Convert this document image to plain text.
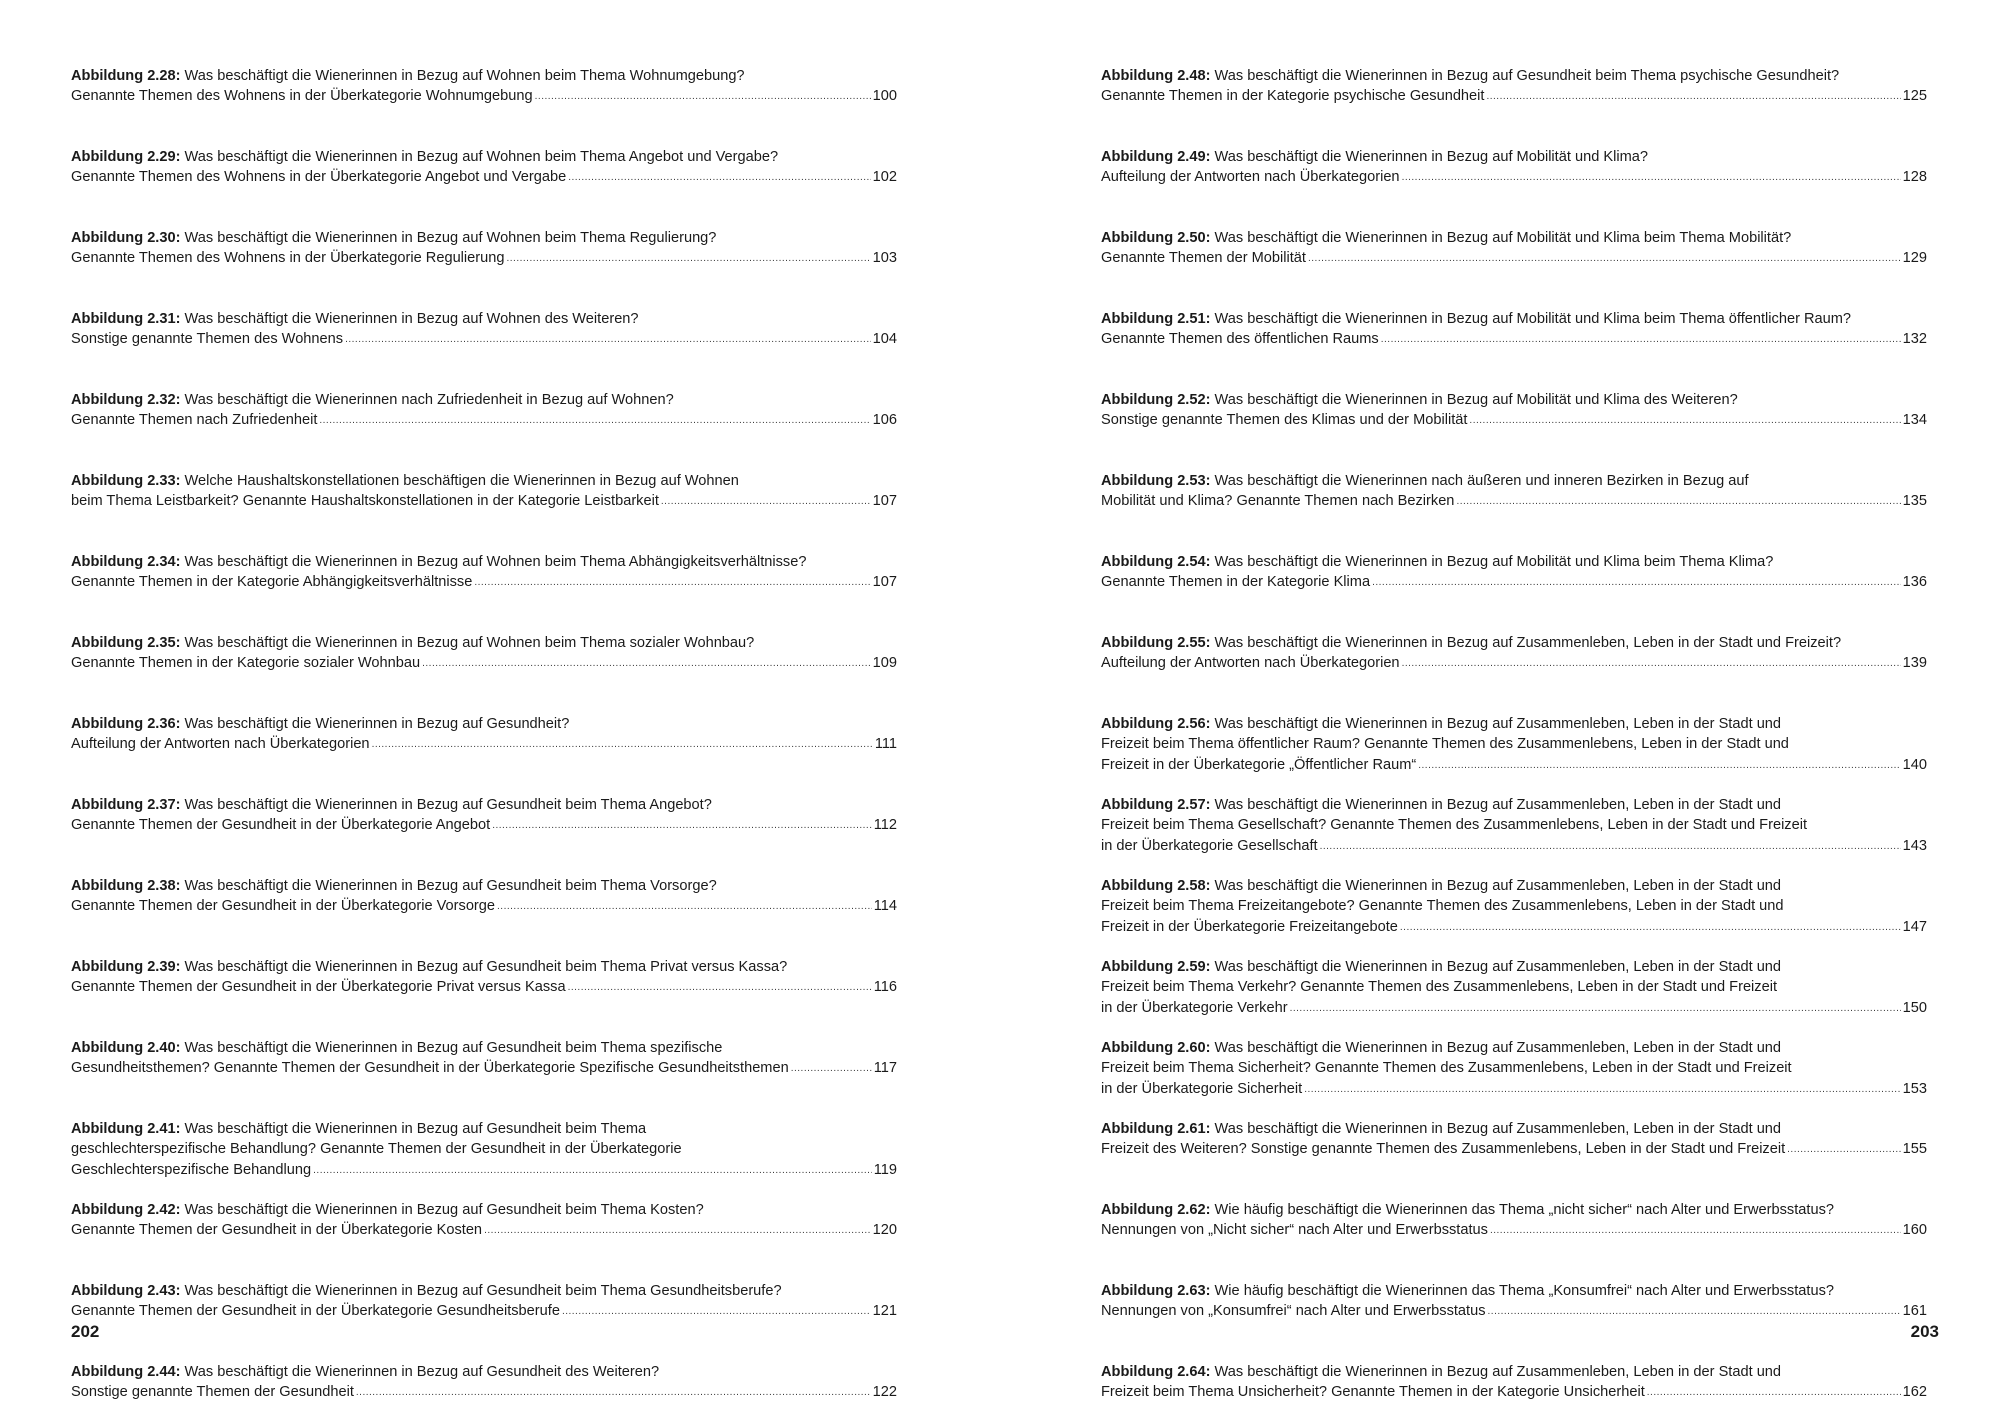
Abbildung 2.28: Was beschäftigt die Wienerinnen in Bezug auf Wohnen beim Thema Wohnumgebung?
Genannte Themen des Wohnens in der Überkategorie Wohnumgebung .....	100
Abbildung 2.29: Was beschäftigt die Wienerinnen in Bezug auf Wohnen beim Thema Angebot und Vergabe?
Genannte Themen des Wohnens in der Überkategorie Angebot und Vergabe .....	102
Abbildung 2.30: Was beschäftigt die Wienerinnen in Bezug auf Wohnen beim Thema Regulierung?
Genannte Themen des Wohnens in der Überkategorie Regulierung .....	103
Abbildung 2.31: Was beschäftigt die Wienerinnen in Bezug auf Wohnen des Weiteren?
Sonstige genannte Themen des Wohnens .....	104
Abbildung 2.32: Was beschäftigt die Wienerinnen nach Zufriedenheit in Bezug auf Wohnen?
Genannte Themen nach Zufriedenheit .....	106
Abbildung 2.33: Welche Haushaltskonstellationen beschäftigen die Wienerinnen in Bezug auf Wohnen
beim Thema Leistbarkeit? Genannte Haushaltskonstellationen in der Kategorie Leistbarkeit .....	107
Abbildung 2.34: Was beschäftigt die Wienerinnen in Bezug auf Wohnen beim Thema Abhängigkeitsverhältnisse?
Genannte Themen in der Kategorie Abhängigkeitsverhältnisse .....	107
Abbildung 2.35: Was beschäftigt die Wienerinnen in Bezug auf Wohnen beim Thema sozialer Wohnbau?
Genannte Themen in der Kategorie sozialer Wohnbau .....	109
Abbildung 2.36: Was beschäftigt die Wienerinnen in Bezug auf Gesundheit?
Aufteilung der Antworten nach Überkategorien .....	111
Abbildung 2.37: Was beschäftigt die Wienerinnen in Bezug auf Gesundheit beim Thema Angebot?
Genannte Themen der Gesundheit in der Überkategorie Angebot .....	112
Abbildung 2.38: Was beschäftigt die Wienerinnen in Bezug auf Gesundheit beim Thema Vorsorge?
Genannte Themen der Gesundheit in der Überkategorie Vorsorge .....	114
Abbildung 2.39: Was beschäftigt die Wienerinnen in Bezug auf Gesundheit beim Thema Privat versus Kassa?
Genannte Themen der Gesundheit in der Überkategorie Privat versus Kassa .....	116
Abbildung 2.40: Was beschäftigt die Wienerinnen in Bezug auf Gesundheit beim Thema spezifische
Gesundheitsthemen? Genannte Themen der Gesundheit in der Überkategorie Spezifische Gesundheitsthemen .....	117
Abbildung 2.41: Was beschäftigt die Wienerinnen in Bezug auf Gesundheit beim Thema
geschlechterspezifische Behandlung? Genannte Themen der Gesundheit in der Überkategorie
Geschlechterspezifische Behandlung .....	119
Abbildung 2.42: Was beschäftigt die Wienerinnen in Bezug auf Gesundheit beim Thema Kosten?
Genannte Themen der Gesundheit in der Überkategorie Kosten .....	120
Abbildung 2.43: Was beschäftigt die Wienerinnen in Bezug auf Gesundheit beim Thema Gesundheitsberufe?
Genannte Themen der Gesundheit in der Überkategorie Gesundheitsberufe .....	121
Abbildung 2.44: Was beschäftigt die Wienerinnen in Bezug auf Gesundheit des Weiteren?
Sonstige genannte Themen der Gesundheit .....	122
202
Abbildung 2.48: Was beschäftigt die Wienerinnen in Bezug auf Gesundheit beim Thema psychische Gesundheit?
Genannte Themen in der Kategorie psychische Gesundheit .....	125
Abbildung 2.49: Was beschäftigt die Wienerinnen in Bezug auf Mobilität und Klima?
Aufteilung der Antworten nach Überkategorien .....	128
Abbildung 2.50: Was beschäftigt die Wienerinnen in Bezug auf Mobilität und Klima beim Thema Mobilität?
Genannte Themen der Mobilität .....	129
Abbildung 2.51: Was beschäftigt die Wienerinnen in Bezug auf Mobilität und Klima beim Thema öffentlicher Raum?
Genannte Themen des öffentlichen Raums .....	132
Abbildung 2.52: Was beschäftigt die Wienerinnen in Bezug auf Mobilität und Klima des Weiteren?
Sonstige genannte Themen des Klimas und der Mobilität .....	134
Abbildung 2.53: Was beschäftigt die Wienerinnen nach äußeren und inneren Bezirken in Bezug auf
Mobilität und Klima? Genannte Themen nach Bezirken .....	135
Abbildung 2.54: Was beschäftigt die Wienerinnen in Bezug auf Mobilität und Klima beim Thema Klima?
Genannte Themen in der Kategorie Klima .....	136
Abbildung 2.55: Was beschäftigt die Wienerinnen in Bezug auf Zusammenleben, Leben in der Stadt und Freizeit?
Aufteilung der Antworten nach Überkategorien .....	139
Abbildung 2.56: Was beschäftigt die Wienerinnen in Bezug auf Zusammenleben, Leben in der Stadt und
Freizeit beim Thema öffentlicher Raum? Genannte Themen des Zusammenlebens, Leben in der Stadt und
Freizeit in der Überkategorie „Öffentlicher Raum“ .....	140
Abbildung 2.57: Was beschäftigt die Wienerinnen in Bezug auf Zusammenleben, Leben in der Stadt und
Freizeit beim Thema Gesellschaft? Genannte Themen des Zusammenlebens, Leben in der Stadt und Freizeit
in der Überkategorie Gesellschaft .....	143
Abbildung 2.58: Was beschäftigt die Wienerinnen in Bezug auf Zusammenleben, Leben in der Stadt und
Freizeit beim Thema Freizeitangebote? Genannte Themen des Zusammenlebens, Leben in der Stadt und
Freizeit in der Überkategorie Freizeitangebote .....	147
Abbildung 2.59: Was beschäftigt die Wienerinnen in Bezug auf Zusammenleben, Leben in der Stadt und
Freizeit beim Thema Verkehr? Genannte Themen des Zusammenlebens, Leben in der Stadt und Freizeit
in der Überkategorie Verkehr .....	150
Abbildung 2.60: Was beschäftigt die Wienerinnen in Bezug auf Zusammenleben, Leben in der Stadt und
Freizeit beim Thema Sicherheit? Genannte Themen des Zusammenlebens, Leben in der Stadt und Freizeit
in der Überkategorie Sicherheit .....	153
Abbildung 2.61: Was beschäftigt die Wienerinnen in Bezug auf Zusammenleben, Leben in der Stadt und
Freizeit des Weiteren? Sonstige genannte Themen des Zusammenlebens, Leben in der Stadt und Freizeit .....	155
Abbildung 2.62: Wie häufig beschäftigt die Wienerinnen das Thema „nicht sicher“ nach Alter und Erwerbsstatus?
Nennungen von „Nicht sicher“ nach Alter und Erwerbsstatus .....	160
Abbildung 2.63: Wie häufig beschäftigt die Wienerinnen das Thema „Konsumfrei“ nach Alter und Erwerbsstatus?
Nennungen von „Konsumfrei“ nach Alter und Erwerbsstatus .....	161
Abbildung 2.64: Was beschäftigt die Wienerinnen in Bezug auf Zusammenleben, Leben in der Stadt und
Freizeit beim Thema Unsicherheit? Genannte Themen in der Kategorie Unsicherheit .....	162
203
